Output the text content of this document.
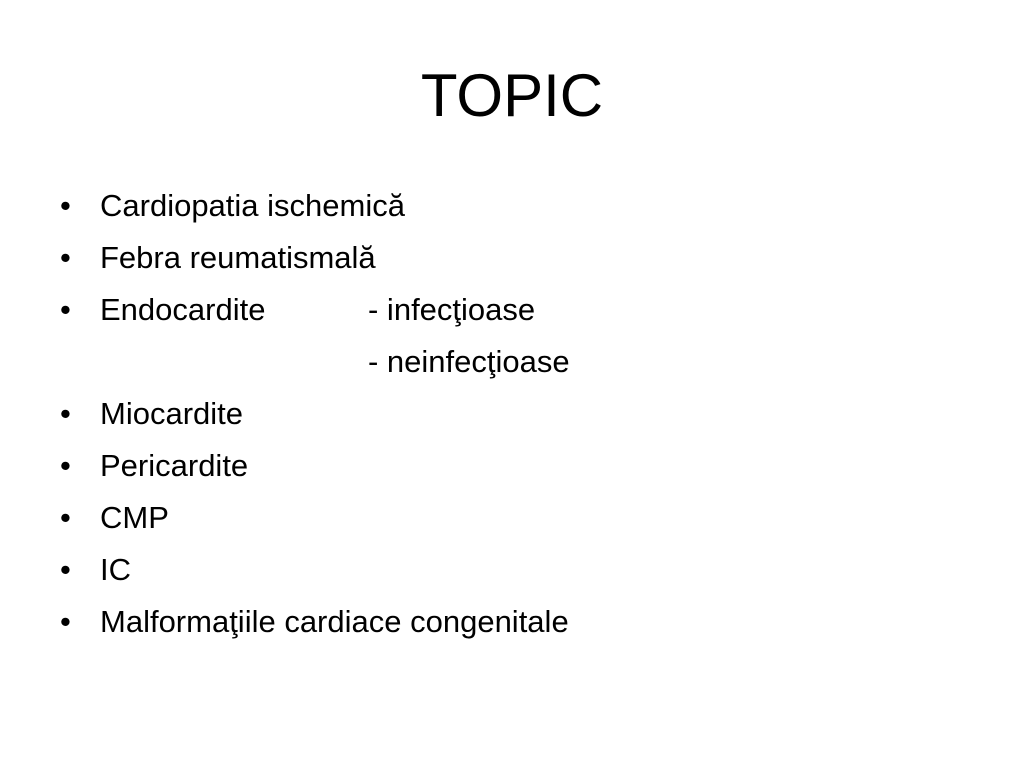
TOPIC
• Cardiopatia ischemică
• Febra reumatismală
• Endocardite	- infecţioase
- neinfecţioase
• Miocardite
• Pericardite
• CMP
• IC
• Malformaţiile cardiace congenitale
